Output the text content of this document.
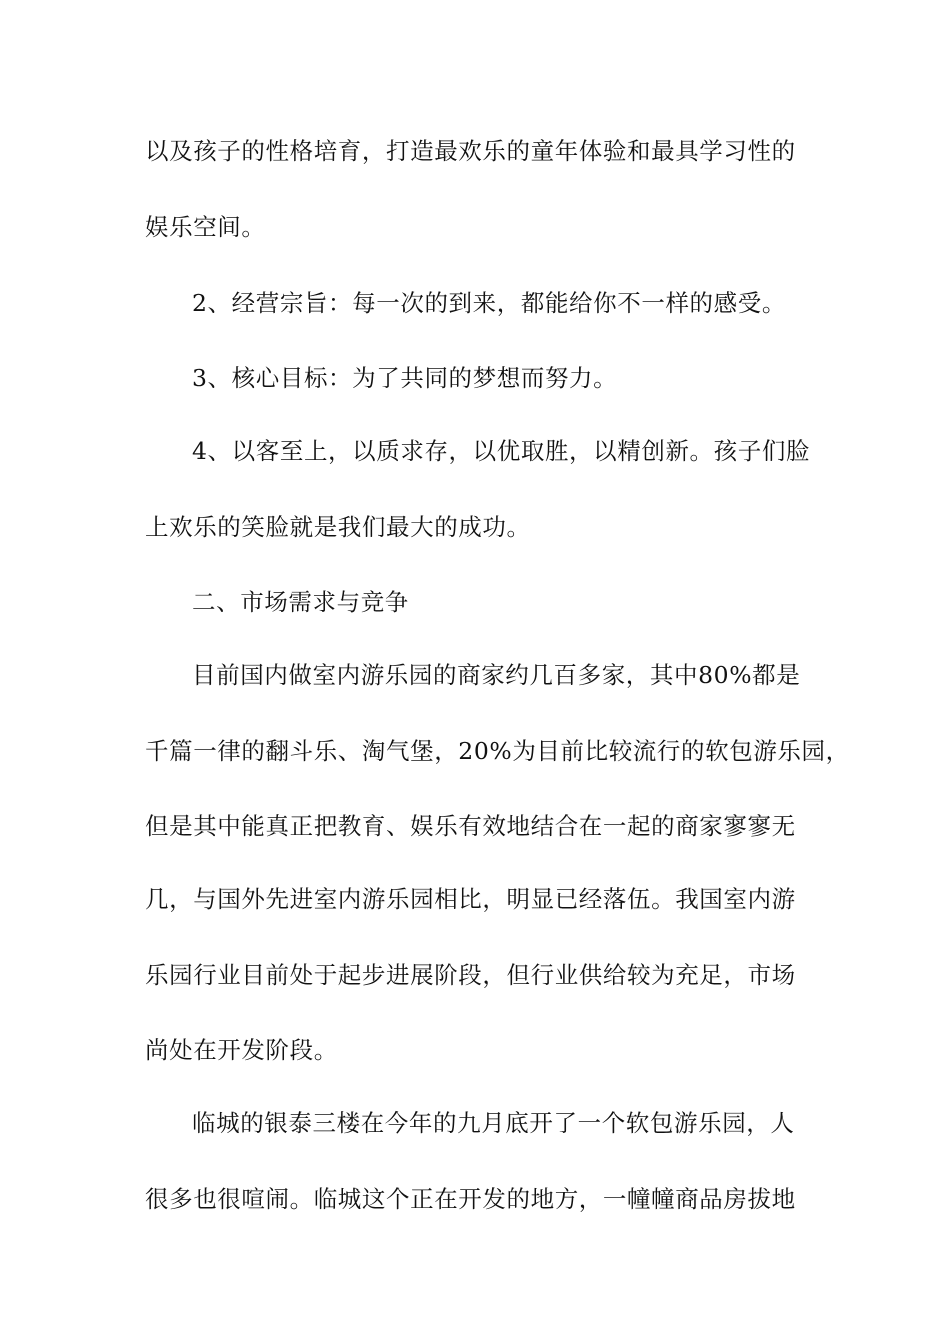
以及孩子的性格培育，打造最欢乐的童年体验和最具学习性的
娱乐空间。
2、经营宗旨：每一次的到来，都能给你不一样的感受。
3、核心目标：为了共同的梦想而努力。
4、以客至上，以质求存，以优取胜，以精创新。孩子们脸
上欢乐的笑脸就是我们最大的成功。
二、市场需求与竞争
目前国内做室内游乐园的商家约几百多家，其中80%都是
千篇一律的翻斗乐、淘气堡，20%为目前比较流行的软包游乐园，
但是其中能真正把教育、娱乐有效地结合在一起的商家寥寥无
几，与国外先进室内游乐园相比，明显已经落伍。我国室内游
乐园行业目前处于起步进展阶段，但行业供给较为充足，市场
尚处在开发阶段。
临城的银泰三楼在今年的九月底开了一个软包游乐园，人
很多也很喧闹。临城这个正在开发的地方，一幢幢商品房拔地
